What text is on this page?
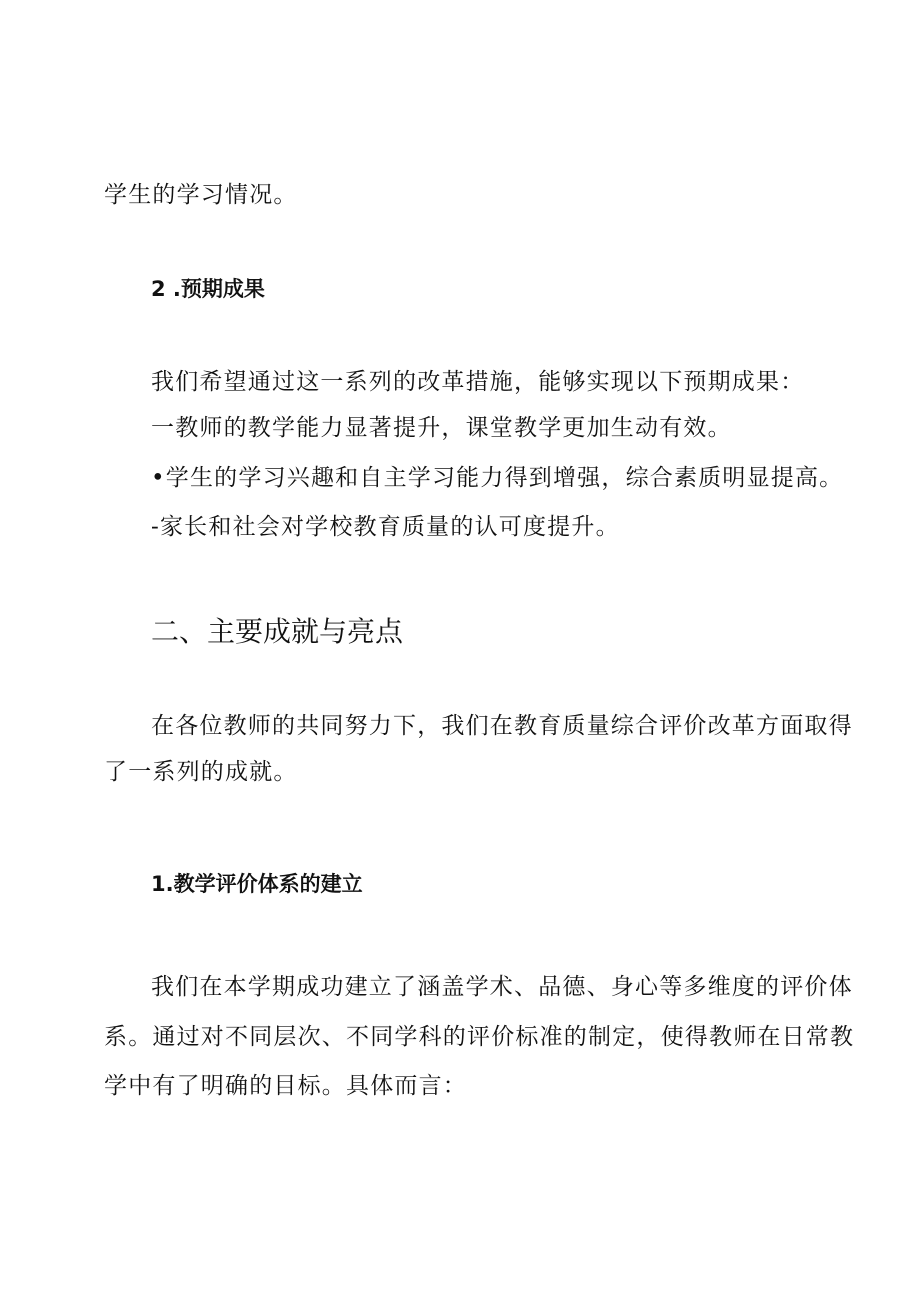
学生的学习情况。
2 .预期成果
我们希望通过这一系列的改革措施，能够实现以下预期成果：
一教师的教学能力显著提升，课堂教学更加生动有效。
•学生的学习兴趣和自主学习能力得到增强，综合素质明显提高。
-家长和社会对学校教育质量的认可度提升。
二、主要成就与亮点
在各位教师的共同努力下，我们在教育质量综合评价改革方面取得
了一系列的成就。
1.教学评价体系的建立
我们在本学期成功建立了涵盖学术、品德、身心等多维度的评价体
系。通过对不同层次、不同学科的评价标准的制定，使得教师在日常教
学中有了明确的目标。具体而言：
